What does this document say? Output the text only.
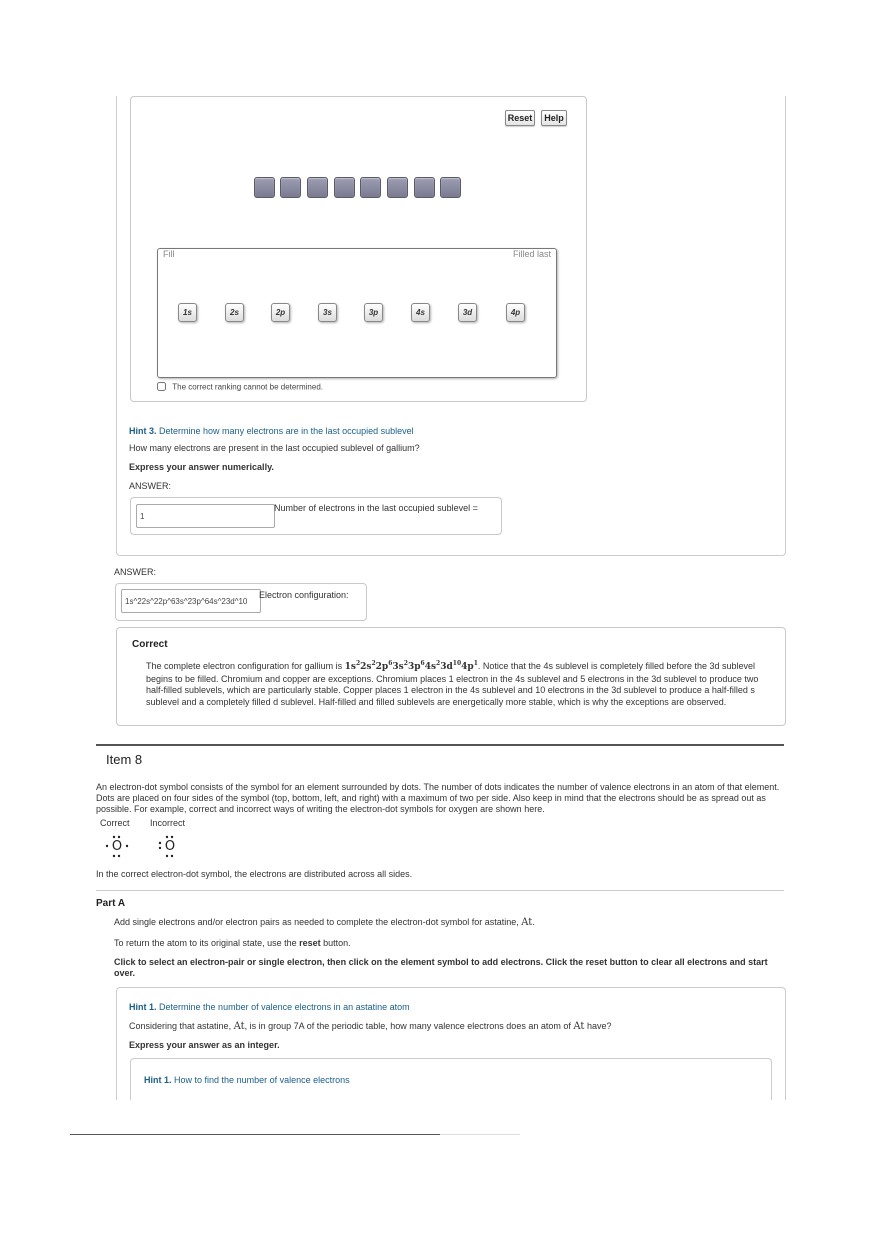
Reset	Help
Fill	Filled last
1s	2s	2p	3s	3p	4s	3d	4p
The correct ranking cannot be determined.
Hint 3. Determine how many electrons are in the last occupied sublevel
How many electrons are present in the last occupied sublevel of gallium?
Express your answer numerically.
ANSWER:
1
Number of electrons in the last occupied sublevel =
ANSWER:
1s^22s^22p^63s^23p^64s^23d^10
Electron configuration:
Correct
The complete electron configuration for gallium is $1s^22s^22p^63s^23p^64s^23d^{10}4p^1$. Notice that the 4s sublevel is completely filled before the 3d sublevel begins to be filled. Chromium and copper are exceptions. Chromium places 1 electron in the 4s sublevel and 5 electrons in the 3d sublevel to produce two half-filled sublevels, which are particularly stable. Copper places 1 electron in the 4s sublevel and 10 electrons in the 3d sublevel to produce a half-filled s sublevel and a completely filled d sublevel. Half-filled and filled sublevels are energetically more stable, which is why the exceptions are observed.
Item 8
An electron-dot symbol consists of the symbol for an element surrounded by dots. The number of dots indicates the number of valence electrons in an atom of that element. Dots are placed on four sides of the symbol (top, bottom, left, and right) with a maximum of two per side. Also keep in mind that the electrons should be as spread out as possible. For example, correct and incorrect ways of writing the electron-dot symbols for oxygen are shown here.
Correct Incorrect
O	O
In the correct electron-dot symbol, the electrons are distributed across all sides.
Part A
Add single electrons and/or electron pairs as needed to complete the electron-dot symbol for astatine, At.
To return the atom to its original state, use the reset button.
Click to select an electron-pair or single electron, then click on the element symbol to add electrons. Click the reset button to clear all electrons and start over.
Hint 1. Determine the number of valence electrons in an astatine atom
Considering that astatine, At, is in group 7A of the periodic table, how many valence electrons does an atom of At have?
Express your answer as an integer.
Hint 1. How to find the number of valence electrons
